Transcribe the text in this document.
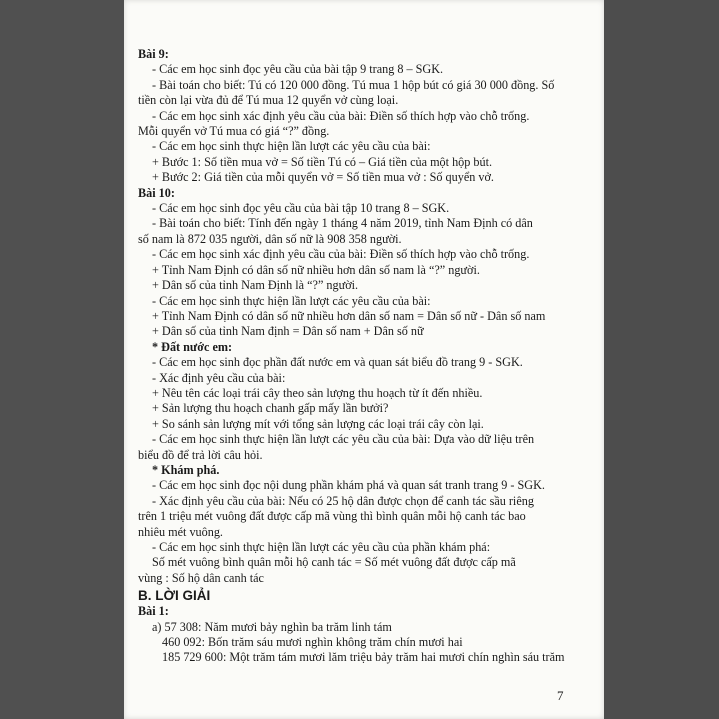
Bài 9:
- Các em học sinh đọc yêu cầu của bài tập 9 trang 8 – SGK.
- Bài toán cho biết: Tú có 120 000 đồng. Tú mua 1 hộp bút có giá 30 000 đồng. Số
tiền còn lại vừa đủ để Tú mua 12 quyển vở cùng loại.
- Các em học sinh xác định yêu cầu của bài: Điền số thích hợp vào chỗ trống.
Mỗi quyển vở Tú mua có giá “?” đồng.
- Các em học sinh thực hiện lần lượt các yêu cầu của bài:
+ Bước 1: Số tiền mua vở = Số tiền Tú có – Giá tiền của một hộp bút.
+ Bước 2: Giá tiền của mỗi quyển vở = Số tiền mua vở : Số quyển vở.
Bài 10:
- Các em học sinh đọc yêu cầu của bài tập 10 trang 8 – SGK.
- Bài toán cho biết: Tính đến ngày 1 tháng 4 năm 2019, tỉnh Nam Định có dân
số nam là 872 035 người, dân số nữ là 908 358 người.
- Các em học sinh xác định yêu cầu của bài: Điền số thích hợp vào chỗ trống.
+ Tỉnh Nam Định có dân số nữ nhiều hơn dân số nam là “?” người.
+ Dân số của tỉnh Nam Định là “?” người.
- Các em học sinh thực hiện lần lượt các yêu cầu của bài:
+ Tỉnh Nam Định có dân số nữ nhiều hơn dân số nam = Dân số nữ - Dân số nam
+ Dân số của tỉnh Nam định = Dân số nam + Dân số nữ
* Đất nước em:
- Các em học sinh đọc phần đất nước em và quan sát biểu đồ trang 9 - SGK.
- Xác định yêu cầu của bài:
+ Nêu tên các loại trái cây theo sản lượng thu hoạch từ ít đến nhiều.
+ Sản lượng thu hoạch chanh gấp mấy lần bưởi?
+ So sánh sản lượng mít với tổng sản lượng các loại trái cây còn lại.
- Các em học sinh thực hiện lần lượt các yêu cầu của bài: Dựa vào dữ liệu trên
biểu đồ để trả lời câu hỏi.
* Khám phá.
- Các em học sinh đọc nội dung phần khám phá và quan sát tranh trang 9 - SGK.
- Xác định yêu cầu của bài: Nếu có 25 hộ dân được chọn để canh tác sầu riêng
trên 1 triệu mét vuông đất được cấp mã vùng thì bình quân mỗi hộ canh tác bao
nhiêu mét vuông.
- Các em học sinh thực hiện lần lượt các yêu cầu của phần khám phá:
Số mét vuông bình quân mỗi hộ canh tác = Số mét vuông đất được cấp mã
vùng : Số hộ dân canh tác
B. LỜI GIẢI
Bài 1:
a) 57 308: Năm mươi bảy nghìn ba trăm linh tám
460 092: Bốn trăm sáu mươi nghìn không trăm chín mươi hai
185 729 600: Một trăm tám mươi lăm triệu bảy trăm hai mươi chín nghìn sáu trăm
7
